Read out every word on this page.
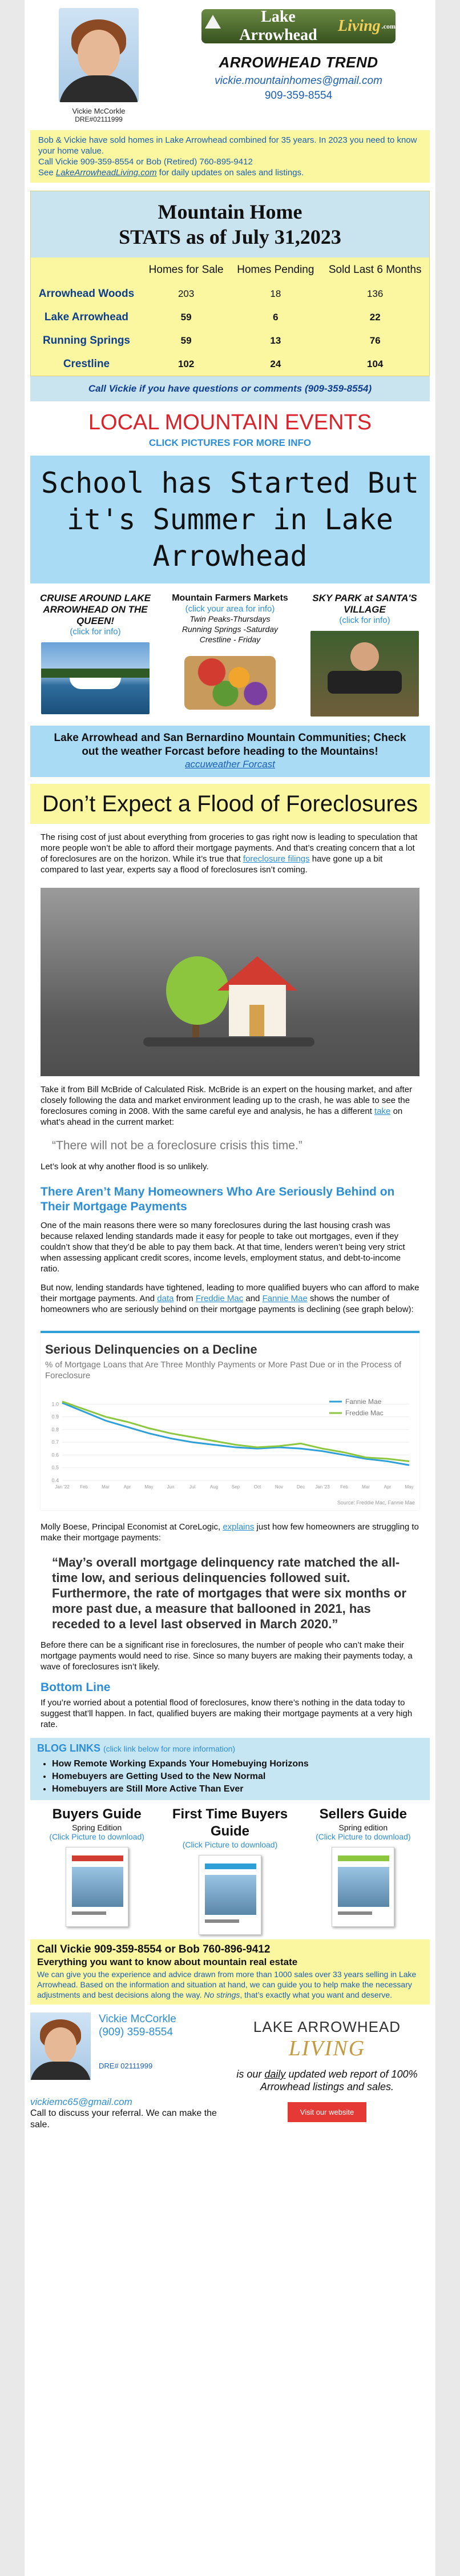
Vickie McCorkle
DRE#02111999
Lake Arrowhead
Living .com
ARROWHEAD TREND
vickie.mountainhomes@gmail.com
909-359-8554
Bob & Vickie have sold homes in Lake Arrowhead combined for 35 years. In 2023 you need to know your home value.
Call Vickie 909-359-8554 or Bob (Retired) 760-895-9412
See LakeArrowheadLiving.com for daily updates on sales and listings.
Mountain Home
STATS as of July 31,2023
	Homes for Sale	Homes Pending	Sold Last 6 Months
Arrowhead Woods	203	18	136
Lake Arrowhead	59	6	22
Running Springs	59	13	76
Crestline	102	24	104
Call Vickie if you have questions or comments (909-359-8554)
LOCAL MOUNTAIN EVENTS
CLICK PICTURES FOR MORE INFO
School has Started But it's Summer in Lake Arrowhead
CRUISE AROUND LAKE ARROWHEAD ON THE QUEEN!
(click for info)
Mountain Farmers Markets
(click your area for info)
Twin Peaks-Thursdays
Running Springs -Saturday
Crestline - Friday
SKY PARK at SANTA'S VILLAGE
(click for info)

Lake Arrowhead and San Bernardino Mountain Communities; Check out the weather Forcast before heading to the Mountains!

accuweather Forcast
Don’t Expect a Flood of Foreclosures

The rising cost of just about everything from groceries to gas right now is leading to speculation that more people won’t be able to afford their mortgage payments. And that’s creating concern that a lot of foreclosures are on the horizon. While it’s true that foreclosure filings have gone up a bit compared to last year, experts say a flood of foreclosures isn’t coming.

Take it from Bill McBride of Calculated Risk. McBride is an expert on the housing market, and after closely following the data and market environment leading up to the crash, he was able to see the foreclosures coming in 2008. With the same careful eye and analysis, he has a different take on what’s ahead in the current market:

“There will not be a foreclosure crisis this time.”

Let’s look at why another flood is so unlikely.

There Aren’t Many Homeowners Who Are Seriously Behind on Their Mortgage Payments

One of the main reasons there were so many foreclosures during the last housing crash was because relaxed lending standards made it easy for people to take out mortgages, even if they couldn’t show that they’d be able to pay them back. At that time, lenders weren’t being very strict when assessing applicant credit scores, income levels, employment status, and debt-to-income ratio.

But now, lending standards have tightened, leading to more qualified buyers who can afford to make their mortgage payments. And data from Freddie Mac and Fannie Mae shows the number of homeowners who are seriously behind on their mortgage payments is declining (see graph below):

Serious Delinquencies on a Decline
% of Mortgage Loans that Are Three Monthly Payments or More Past Due or in the Process of Foreclosure
1.0
0.9
0.8
0.7
0.6
0.5
0.4
Jan '22 Feb	Mar	Apr	May	Jun	Jul	Aug	Sep	Oct	Nov	Dec Jan '23 Feb	Mar	Apr	May
Fannie Mae
Freddie Mac
Source: Freddie Mac, Fannie Mae

Molly Boese, Principal Economist at CoreLogic, explains just how few homeowners are struggling to make their mortgage payments:

“May’s overall mortgage delinquency rate matched the all-time low, and serious delinquencies followed suit. Furthermore, the rate of mortgages that were six months or more past due, a measure that ballooned in 2021, has receded to a level last observed in March 2020.”

Before there can be a significant rise in foreclosures, the number of people who can’t make their mortgage payments would need to rise. Since so many buyers are making their payments today, a wave of foreclosures isn’t likely.

Bottom Line

If you’re worried about a potential flood of foreclosures, know there’s nothing in the data today to suggest that’ll happen. In fact, qualified buyers are making their mortgage payments at a very high rate.

BLOG LINKS (click link below for more information)
• How Remote Working Expands Your Homebuying Horizons
• Homebuyers are Getting Used to the New Normal
• Homebuyers are Still More Active Than Ever
Buyers Guide
Spring Edition
(Click Picture to download)
First Time Buyers Guide
(Click Picture to download)
Sellers Guide
Spring edition
(Click Picture to download)
Call Vickie 909-359-8554 or Bob 760-896-9412
Everything you want to know about mountain real estate

We can give you the experience and advice drawn from more than 1000 sales over 33 years selling in Lake Arrowhead. Based on the information and situation at hand, we can guide you to help make the necessary adjustments and best decisions along the way. No strings, that’s exactly what you want and deserve.

Vickie McCorkle
(909) 359-8554
DRE# 02111999
LAKE ARROWHEAD
LIVING
is our daily updated web report of 100% Arrowhead listings and sales.
vickiemc65@gmail.com
Call to discuss your referral. We can make the sale.
Visit our website
